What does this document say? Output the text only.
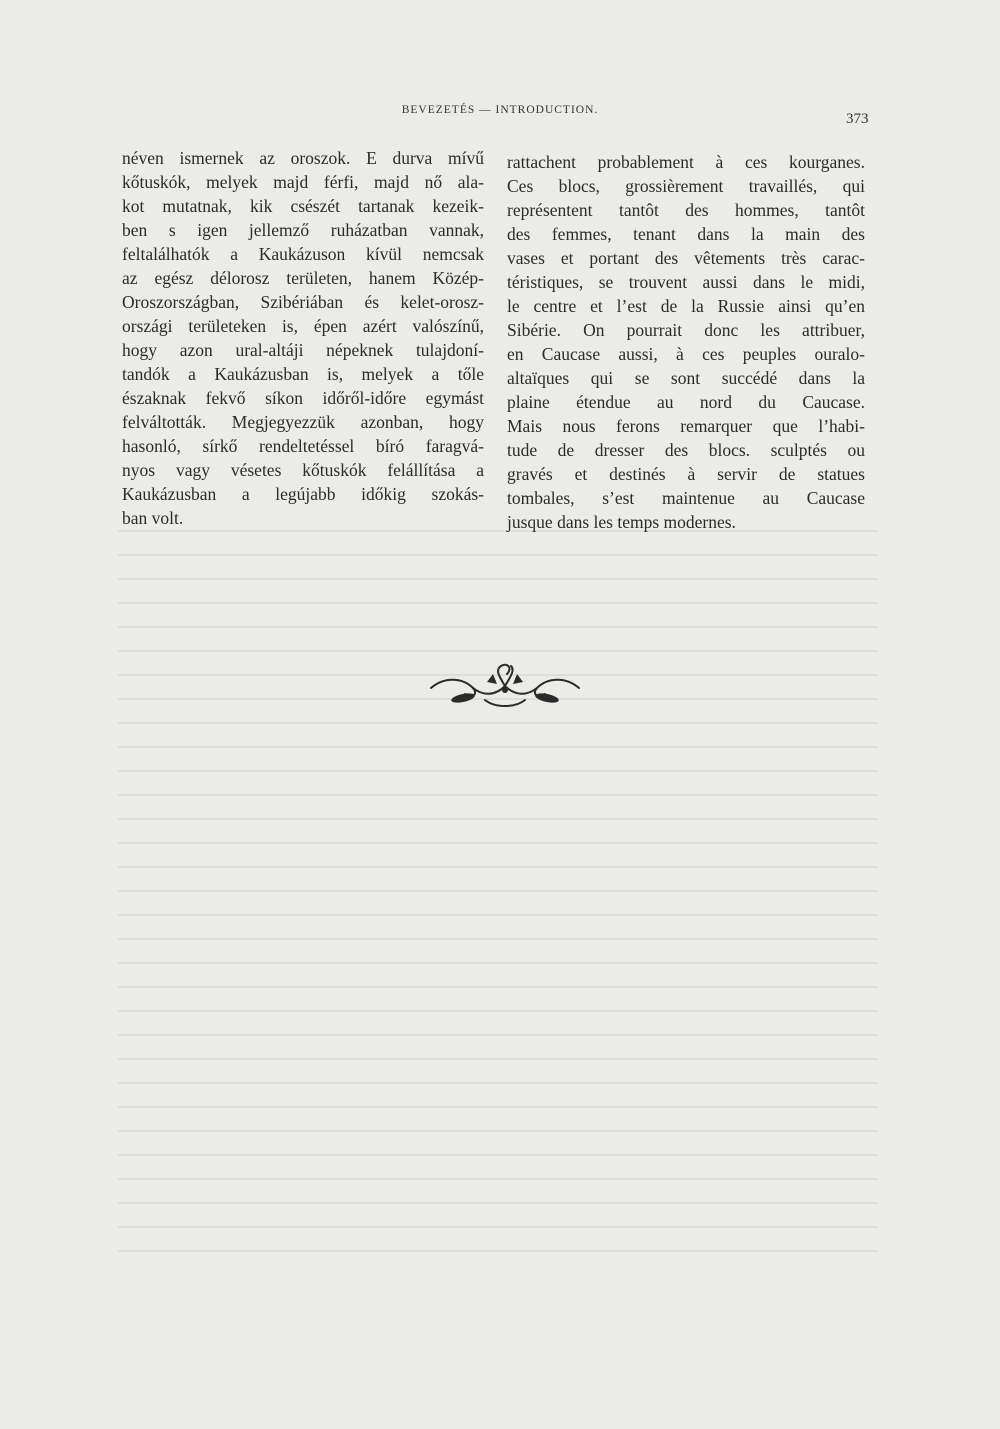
BEVEZETÉS — INTRODUCTION.
373
néven ismernek az oroszok. E durva mívű
kőtuskók, melyek majd férfi, majd nő ala-
kot mutatnak, kik csészét tartanak kezeik-
ben s igen jellemző ruházatban vannak,
feltalálhatók a Kaukázuson kívül nemcsak
az egész délorosz területen, hanem Közép-
Oroszországban, Szibériában és kelet-orosz-
országi területeken is, épen azért valószínű,
hogy azon ural-altáji népeknek tulajdoní-
tandók a Kaukázusban is, melyek a tőle
északnak fekvő síkon időről-időre egymást
felváltották. Megjegyezzük azonban, hogy
hasonló, sírkő rendeltetéssel bíró faragvá-
nyos vagy vésetes kőtuskók felállítása a
Kaukázusban a legújabb időkig szokás-
ban volt.
rattachent probablement à ces kourganes.
Ces blocs, grossièrement travaillés, qui
représentent tantôt des hommes, tantôt
des femmes, tenant dans la main des
vases et portant des vêtements très carac-
téristiques, se trouvent aussi dans le midi,
le centre et l’est de la Russie ainsi qu’en
Sibérie. On pourrait donc les attribuer,
en Caucase aussi, à ces peuples ouralo-
altaïques qui se sont succédé dans la
plaine étendue au nord du Caucase.
Mais nous ferons remarquer que l’habi-
tude de dresser des blocs. sculptés ou
gravés et destinés à servir de statues
tombales, s’est maintenue au Caucase
jusque dans les temps modernes.
